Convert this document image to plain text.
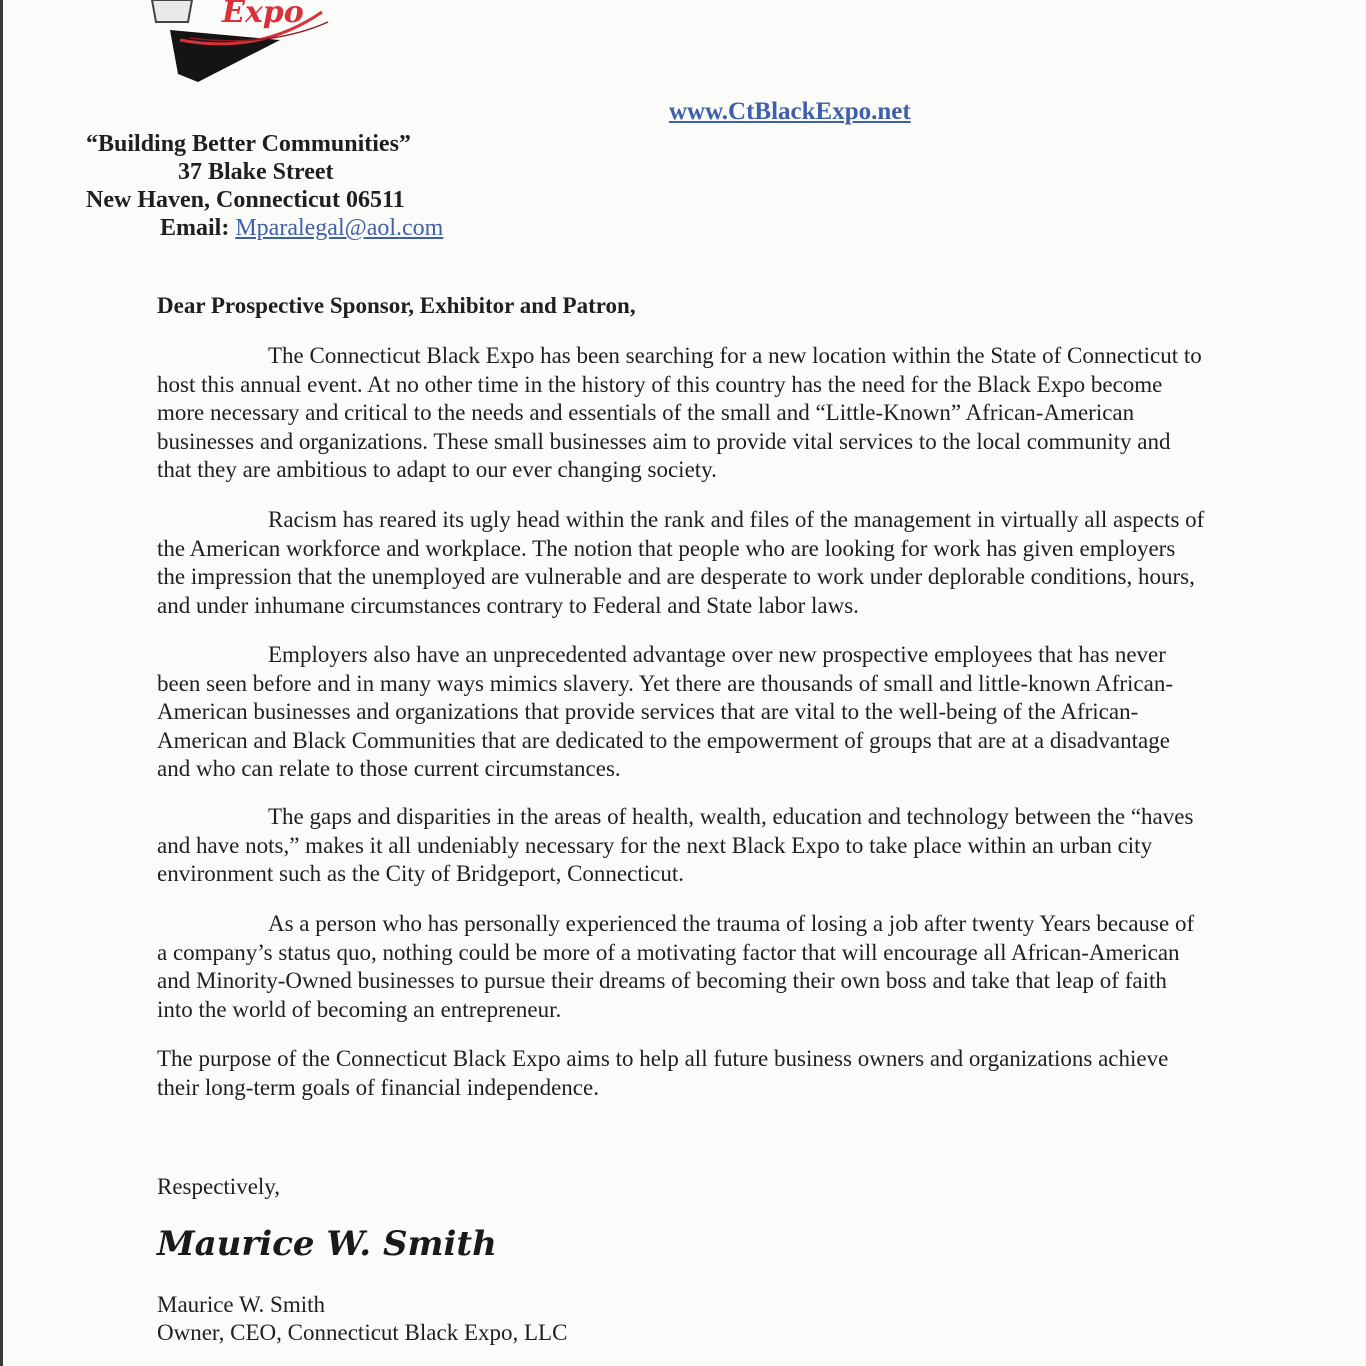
Expo
www.CtBlackExpo.net
“Building Better Communities”
37 Blake Street
New Haven, Connecticut 06511
Email: Mparalegal@aol.com
Dear Prospective Sponsor, Exhibitor and Patron,

The Connecticut Black Expo has been searching for a new location within the State of Connecticut to host this annual event. At no other time in the history of this country has the need for the Black Expo become more necessary and critical to the needs and essentials of the small and “Little-Known” African-American businesses and organizations. These small businesses aim to provide vital services to the local community and that they are ambitious to adapt to our ever changing society.

Racism has reared its ugly head within the rank and files of the management in virtually all aspects of the American workforce and workplace. The notion that people who are looking for work has given employers the impression that the unemployed are vulnerable and are desperate to work under deplorable conditions, hours, and under inhumane circumstances contrary to Federal and State labor laws.

Employers also have an unprecedented advantage over new prospective employees that has never been seen before and in many ways mimics slavery. Yet there are thousands of small and little-known African-American businesses and organizations that provide services that are vital to the well-being of the African-American and Black Communities that are dedicated to the empowerment of groups that are at a disadvantage and who can relate to those current circumstances.

The gaps and disparities in the areas of health, wealth, education and technology between the “haves and have nots,” makes it all undeniably necessary for the next Black Expo to take place within an urban city environment such as the City of Bridgeport, Connecticut.

As a person who has personally experienced the trauma of losing a job after twenty Years because of a company’s status quo, nothing could be more of a motivating factor that will encourage all African-American and Minority-Owned businesses to pursue their dreams of becoming their own boss and take that leap of faith into the world of becoming an entrepreneur.

The purpose of the Connecticut Black Expo aims to help all future business owners and organizations achieve their long-term goals of financial independence.

Respectively,
Maurice W. Smith
Maurice W. Smith
Owner, CEO, Connecticut Black Expo, LLC
